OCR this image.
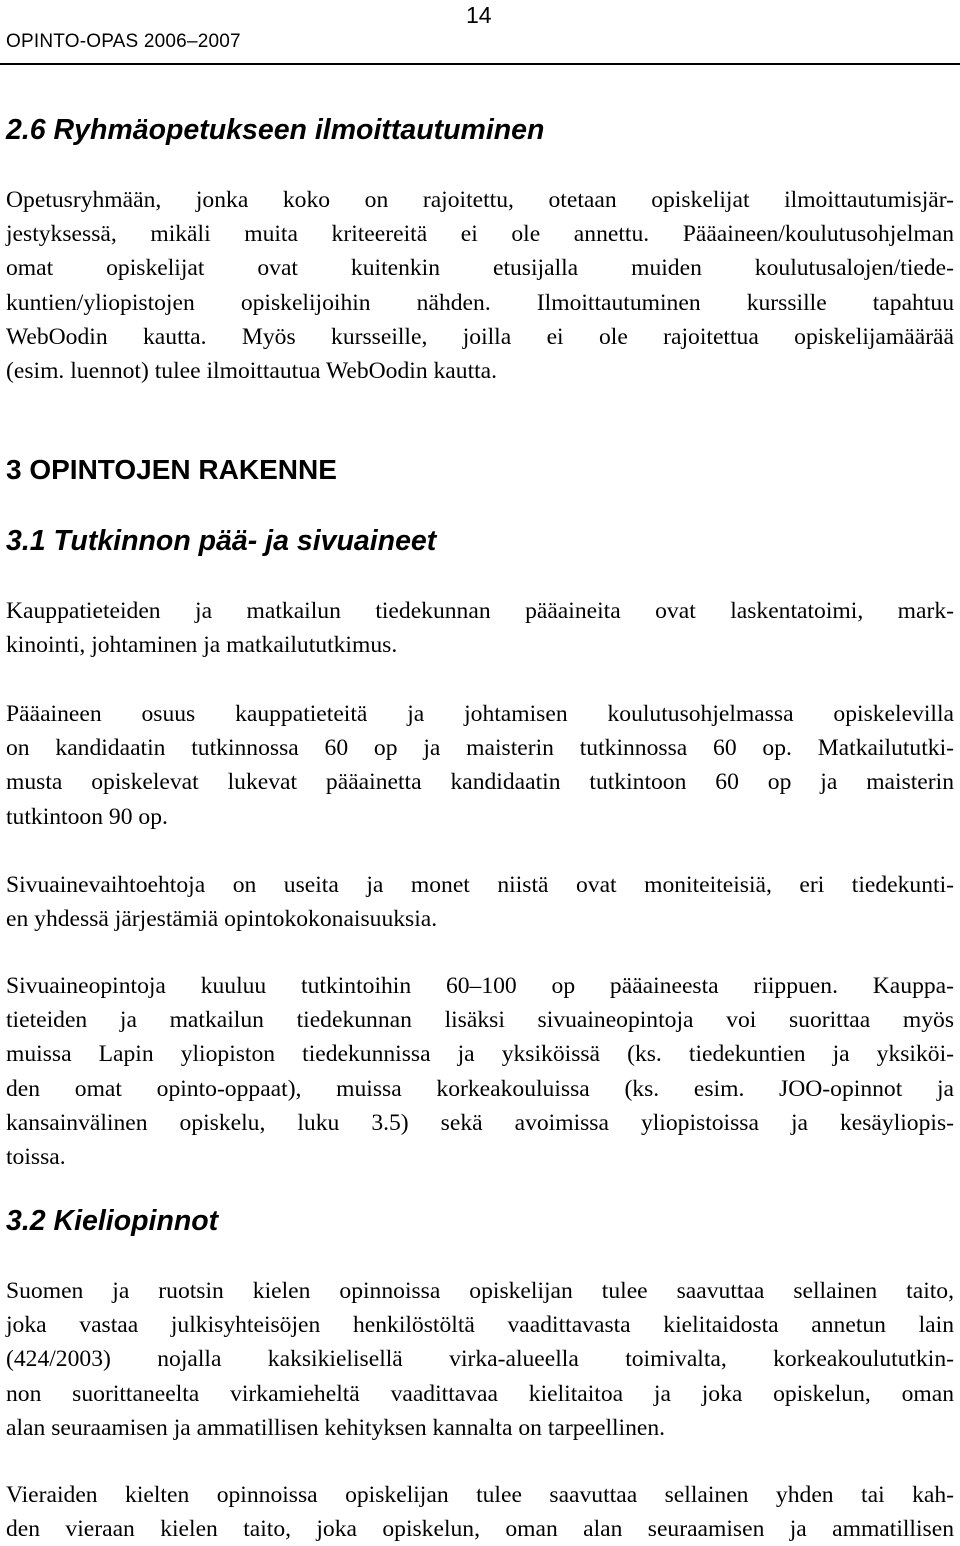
OPINTO-OPAS 2006–2007
14
2.6 Ryhmäopetukseen ilmoittautuminen
Opetusryhmään, jonka koko on rajoitettu, otetaan opiskelijat ilmoittautumisjär-
jestyksessä, mikäli muita kriteereitä ei ole annettu. Pääaineen/koulutusohjelman
omat opiskelijat ovat kuitenkin etusijalla muiden koulutusalojen/tiede-
kuntien/yliopistojen opiskelijoihin nähden. Ilmoittautuminen kurssille tapahtuu
WebOodin kautta. Myös kursseille, joilla ei ole rajoitettua opiskelijamäärää
(esim. luennot) tulee ilmoittautua WebOodin kautta.
3 OPINTOJEN RAKENNE
3.1 Tutkinnon pää- ja sivuaineet
Kauppatieteiden ja matkailun tiedekunnan pääaineita ovat laskentatoimi, mark-
kinointi, johtaminen ja matkailututkimus.
Pääaineen osuus kauppatieteitä ja johtamisen koulutusohjelmassa opiskelevilla
on kandidaatin tutkinnossa 60 op ja maisterin tutkinnossa 60 op. Matkailututki-
musta opiskelevat lukevat pääainetta kandidaatin tutkintoon 60 op ja maisterin
tutkintoon 90 op.
Sivuainevaihtoehtoja on useita ja monet niistä ovat moniteiteisiä, eri tiedekunti-
en yhdessä järjestämiä opintokokonaisuuksia.
Sivuaineopintoja kuuluu tutkintoihin 60–100 op pääaineesta riippuen. Kauppa-
tieteiden ja matkailun tiedekunnan lisäksi sivuaineopintoja voi suorittaa myös
muissa Lapin yliopiston tiedekunnissa ja yksiköissä (ks. tiedekuntien ja yksiköi-
den omat opinto-oppaat), muissa korkeakouluissa (ks. esim. JOO-opinnot ja
kansainvälinen opiskelu, luku 3.5) sekä avoimissa yliopistoissa ja kesäyliopis-
toissa.
3.2 Kieliopinnot
Suomen ja ruotsin kielen opinnoissa opiskelijan tulee saavuttaa sellainen taito,
joka vastaa julkisyhteisöjen henkilöstöltä vaadittavasta kielitaidosta annetun lain
(424/2003) nojalla kaksikielisellä virka-alueella toimivalta, korkeakoulututkin-
non suorittaneelta virkamieheltä vaadittavaa kielitaitoa ja joka opiskelun, oman
alan seuraamisen ja ammatillisen kehityksen kannalta on tarpeellinen.
Vieraiden kielten opinnoissa opiskelijan tulee saavuttaa sellainen yhden tai kah-
den vieraan kielen taito, joka opiskelun, oman alan seuraamisen ja ammatillisen
